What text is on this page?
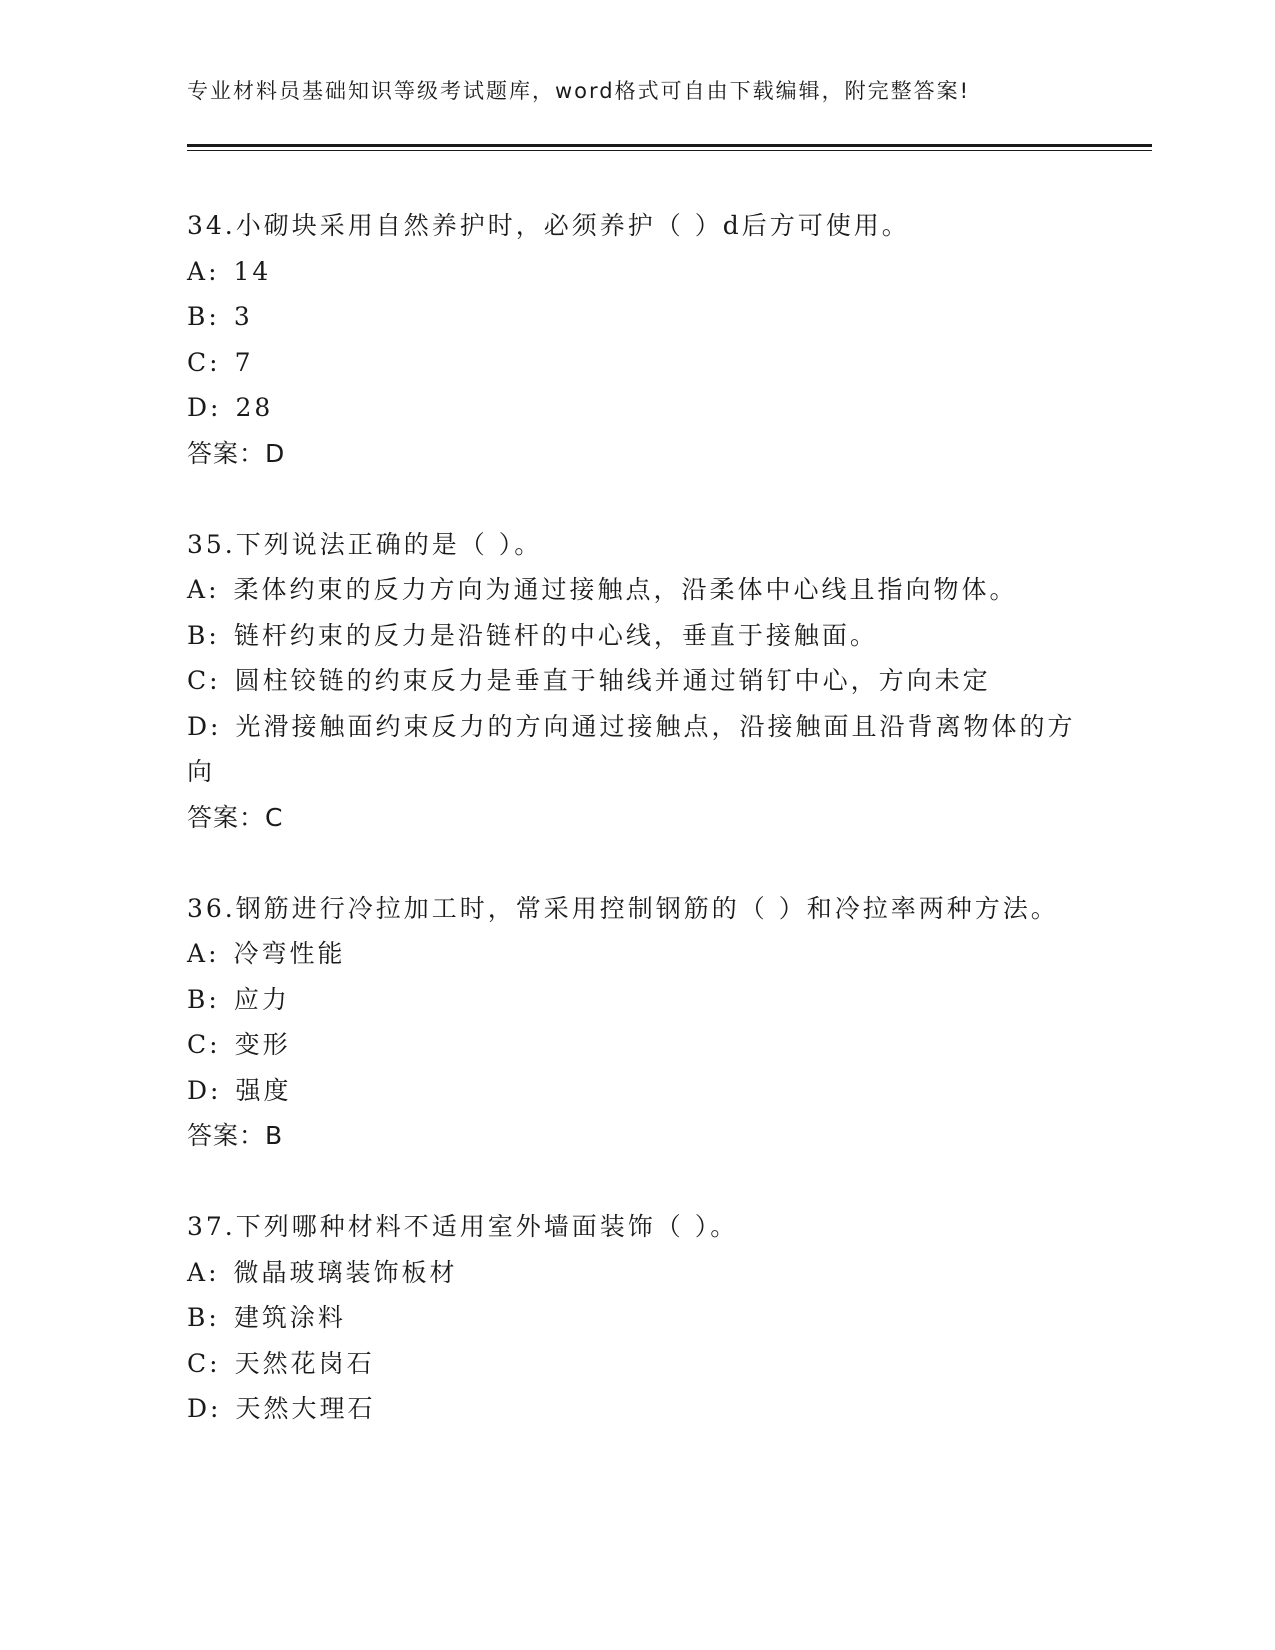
专业材料员基础知识等级考试题库，word格式可自由下载编辑，附完整答案!

34.小砌块采用自然养护时，必须养护（ ）d后方可使用。

A: 14

B: 3

C: 7

D: 28

答案：D

35.下列说法正确的是（ ）。

A: 柔体约束的反力方向为通过接触点，沿柔体中心线且指向物体。

B: 链杆约束的反力是沿链杆的中心线，垂直于接触面。

C: 圆柱铰链的约束反力是垂直于轴线并通过销钉中心，方向未定

D: 光滑接触面约束反力的方向通过接触点，沿接触面且沿背离物体的方向

答案：C

36.钢筋进行冷拉加工时，常采用控制钢筋的（ ）和冷拉率两种方法。

A: 冷弯性能

B: 应力

C: 变形

D: 强度

答案：B

37.下列哪种材料不适用室外墙面装饰（ ）。

A: 微晶玻璃装饰板材

B: 建筑涂料

C: 天然花岗石

D: 天然大理石
